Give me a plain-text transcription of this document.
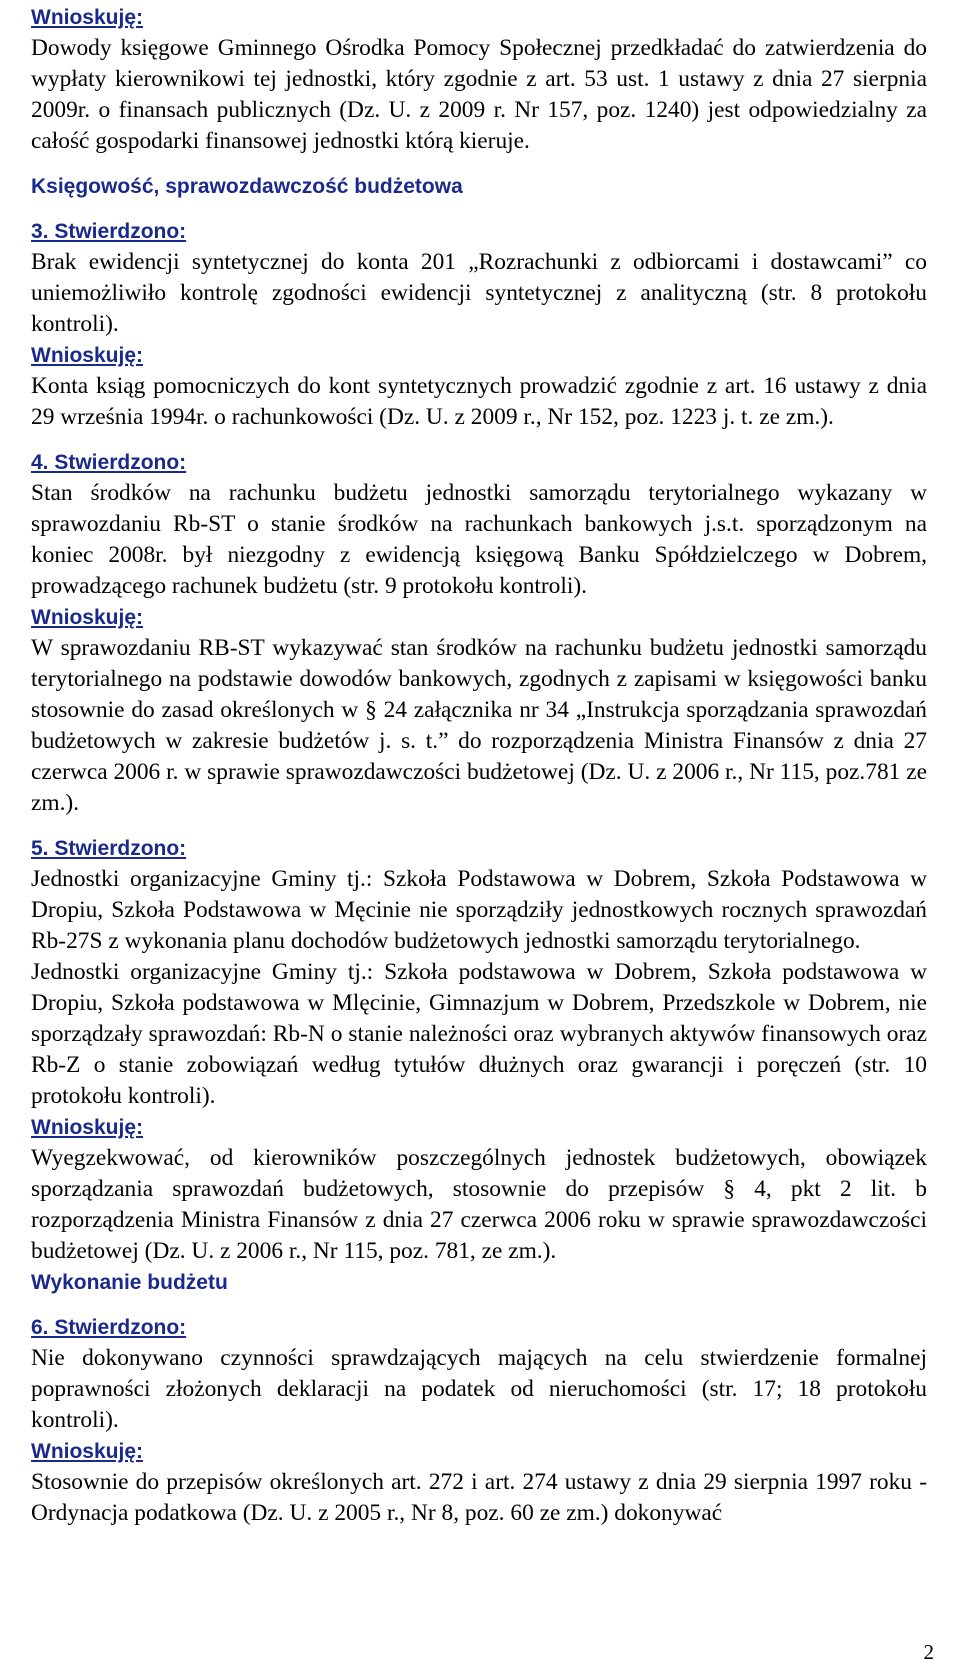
Wnioskuję:

Dowody księgowe Gminnego Ośrodka Pomocy Społecznej przedkładać do zatwierdzenia do wypłaty kierownikowi tej jednostki, który zgodnie z art. 53 ust. 1 ustawy z dnia 27 sierpnia 2009r. o finansach publicznych (Dz. U. z 2009 r. Nr 157, poz. 1240) jest odpowiedzialny za całość gospodarki finansowej jednostki którą kieruje.

Księgowość, sprawozdawczość budżetowa
3. Stwierdzono:

Brak ewidencji syntetycznej do konta 201 „Rozrachunki z odbiorcami i dostawcami” co uniemożliwiło kontrolę zgodności ewidencji syntetycznej z analityczną (str. 8 protokołu kontroli).

Wnioskuję:

Konta ksiąg pomocniczych do kont syntetycznych prowadzić zgodnie z art. 16 ustawy z dnia 29 września 1994r. o rachunkowości (Dz. U. z 2009 r., Nr 152, poz. 1223 j. t. ze zm.).

4. Stwierdzono:

Stan środków na rachunku budżetu jednostki samorządu terytorialnego wykazany w sprawozdaniu Rb-ST o stanie środków na rachunkach bankowych j.s.t. sporządzonym na koniec 2008r. był niezgodny z ewidencją księgową Banku Spółdzielczego w Dobrem, prowadzącego rachunek budżetu (str. 9 protokołu kontroli).

Wnioskuję:

W sprawozdaniu RB-ST wykazywać stan środków na rachunku budżetu jednostki samorządu terytorialnego na podstawie dowodów bankowych, zgodnych z zapisami w księgowości banku stosownie do zasad określonych w § 24 załącznika nr 34 „Instrukcja sporządzania sprawozdań budżetowych w zakresie budżetów j. s. t.” do rozporządzenia Ministra Finansów z dnia 27 czerwca 2006 r. w sprawie sprawozdawczości budżetowej (Dz. U. z 2006 r., Nr 115, poz.781 ze zm.).

5. Stwierdzono:

Jednostki organizacyjne Gminy tj.: Szkoła Podstawowa w Dobrem, Szkoła Podstawowa w Dropiu, Szkoła Podstawowa w Męcinie nie sporządziły jednostkowych rocznych sprawozdań Rb-27S z wykonania planu dochodów budżetowych jednostki samorządu terytorialnego.

Jednostki organizacyjne Gminy tj.: Szkoła podstawowa w Dobrem, Szkoła podstawowa w Dropiu, Szkoła podstawowa w Mlęcinie, Gimnazjum w Dobrem, Przedszkole w Dobrem, nie sporządzały sprawozdań: Rb-N o stanie należności oraz wybranych aktywów finansowych oraz Rb-Z o stanie zobowiązań według tytułów dłużnych oraz gwarancji i poręczeń (str. 10 protokołu kontroli).

Wnioskuję:

Wyegzekwować, od kierowników poszczególnych jednostek budżetowych, obowiązek sporządzania sprawozdań budżetowych, stosownie do przepisów § 4, pkt 2 lit. b rozporządzenia Ministra Finansów z dnia 27 czerwca 2006 roku w sprawie sprawozdawczości budżetowej (Dz. U. z 2006 r., Nr 115, poz. 781, ze zm.).

Wykonanie budżetu
6. Stwierdzono:

Nie dokonywano czynności sprawdzających mających na celu stwierdzenie formalnej poprawności złożonych deklaracji na podatek od nieruchomości (str. 17; 18 protokołu kontroli).

Wnioskuję:

Stosownie do przepisów określonych art. 272 i art. 274 ustawy z dnia 29 sierpnia 1997 roku - Ordynacja podatkowa (Dz. U. z 2005 r., Nr 8, poz. 60 ze zm.) dokonywać

2
